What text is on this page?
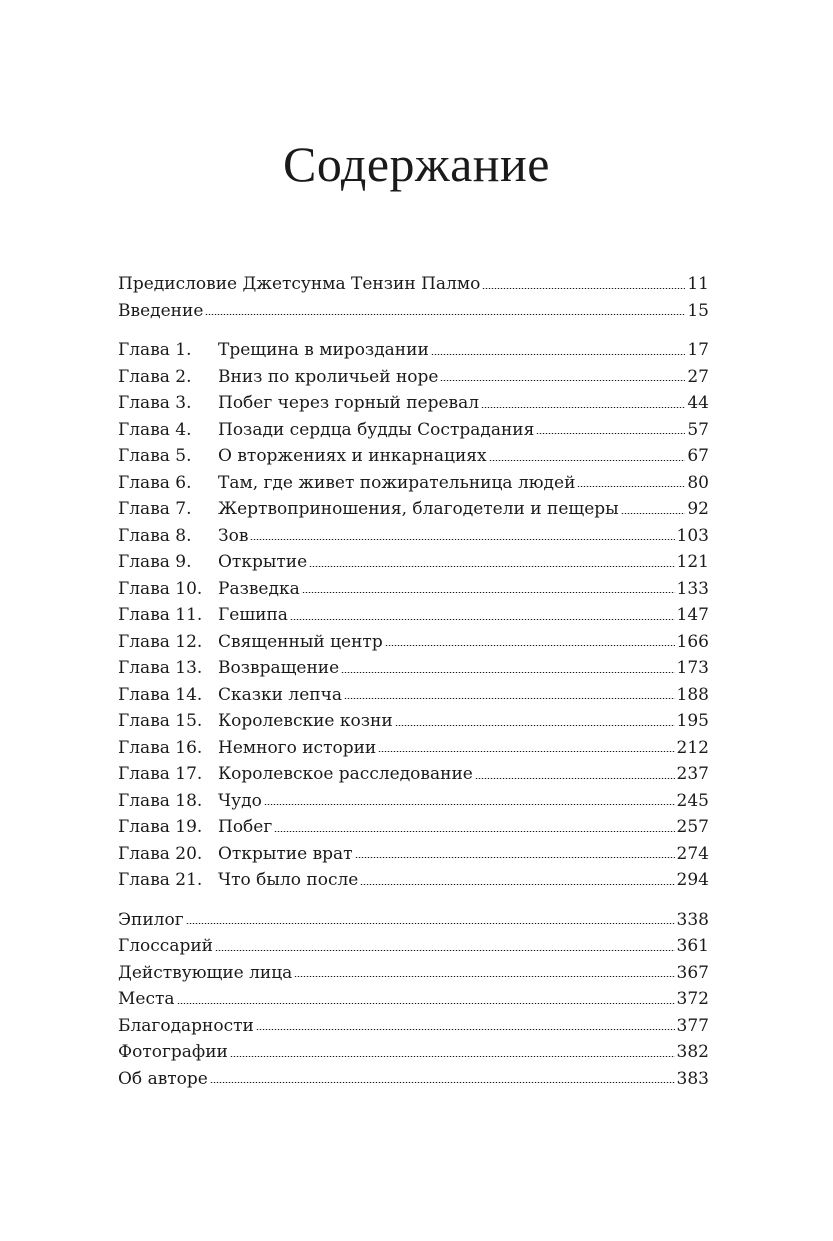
Содержание
Предисловие Джетсунма Тензин Палмо	11
Введение	15
Глава 1.	Трещина в мироздании	17
Глава 2.	Вниз по кроличьей норе	27
Глава 3.	Побег через горный перевал	44
Глава 4.	Позади сердца будды Сострадания	57
Глава 5.	О вторжениях и инкарнациях	67
Глава 6.	Там, где живет пожирательница людей	80
Глава 7.	Жертвоприношения, благодетели и пещеры	92
Глава 8.	Зов	103
Глава 9.	Открытие	121
Глава 10. Разведка	133
Глава 11. Гешипа	147
Глава 12. Священный центр	166
Глава 13. Возвращение	173
Глава 14. Сказки лепча	188
Глава 15. Королевские козни	195
Глава 16. Немного истории	212
Глава 17. Королевское расследование	237
Глава 18. Чудо	245
Глава 19. Побег	257
Глава 20. Открытие врат	274
Глава 21. Что было после	294
Эпилог	338
Глоссарий	361
Действующие лица	367
Места	372
Благодарности	377
Фотографии	382
Об авторе	383
